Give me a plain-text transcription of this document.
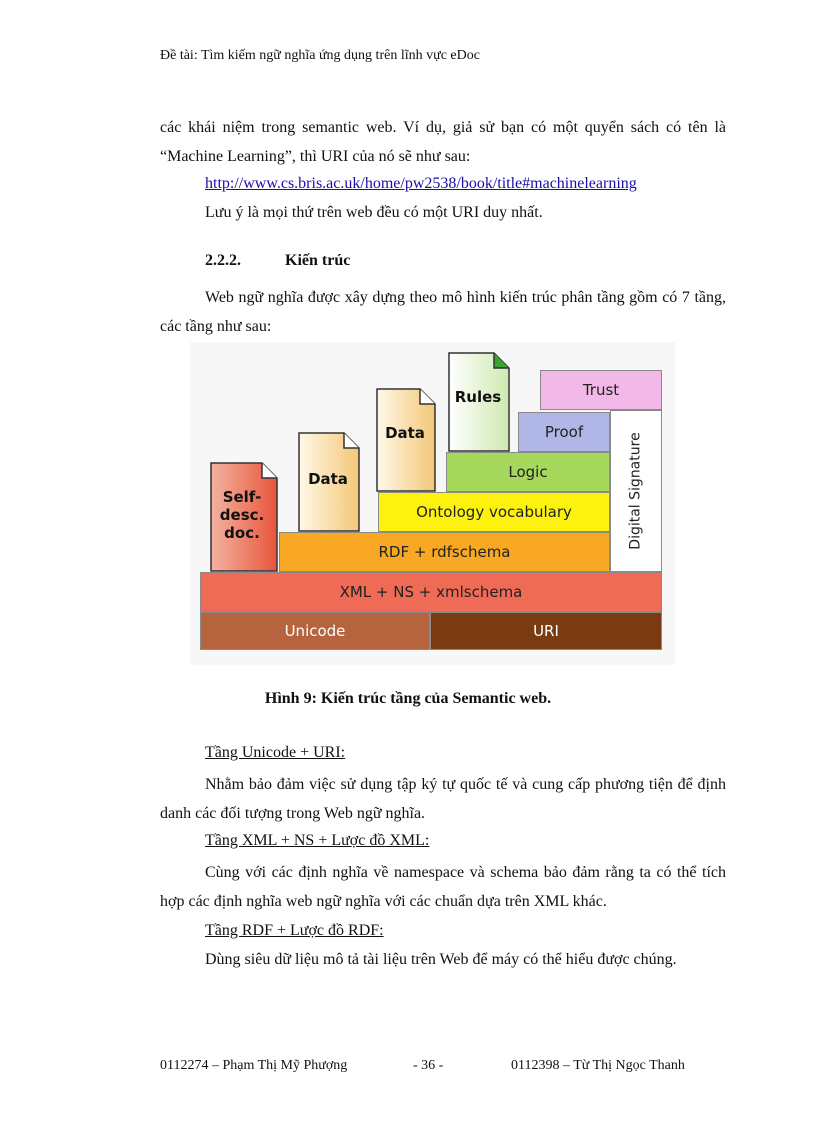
Đề tài: Tìm kiếm ngữ nghĩa ứng dụng trên lĩnh vực eDoc

các khái niệm trong semantic web. Ví dụ, giả sử bạn có một quyển sách có tên là “Machine Learning”, thì URI của nó sẽ như sau:

http://www.cs.bris.ac.uk/home/pw2538/book/title#machinelearning
Lưu ý là mọi thứ trên web đều có một URI duy nhất.
2.2.2.	Kiến trúc

Web ngữ nghĩa được xây dựng theo mô hình kiến trúc phân tầng gồm có 7 tầng, các tầng như sau:

Unicode	URI
XML + NS + xmlschema
RDF + rdfschema
Ontology vocabulary
Logic
Proof
Trust
Digital Signature
Self-
desc.
doc.
Data
Data
Rules
Hình 9: Kiến trúc tầng của Semantic web.
Tầng Unicode + URI:

Nhằm bảo đảm việc sử dụng tập ký tự quốc tế và cung cấp phương tiện để định danh các đối tượng trong Web ngữ nghĩa.

Tầng XML + NS + Lược đồ XML:

Cùng với các định nghĩa về namespace và schema bảo đảm rằng ta có thể tích hợp các định nghĩa web ngữ nghĩa với các chuẩn dựa trên XML khác.

Tầng RDF + Lược đồ RDF:
Dùng siêu dữ liệu mô tả tài liệu trên Web để máy có thể hiểu được chúng.
0112274 – Phạm Thị Mỹ Phượng	- 36 -	0112398 – Từ Thị Ngọc Thanh
